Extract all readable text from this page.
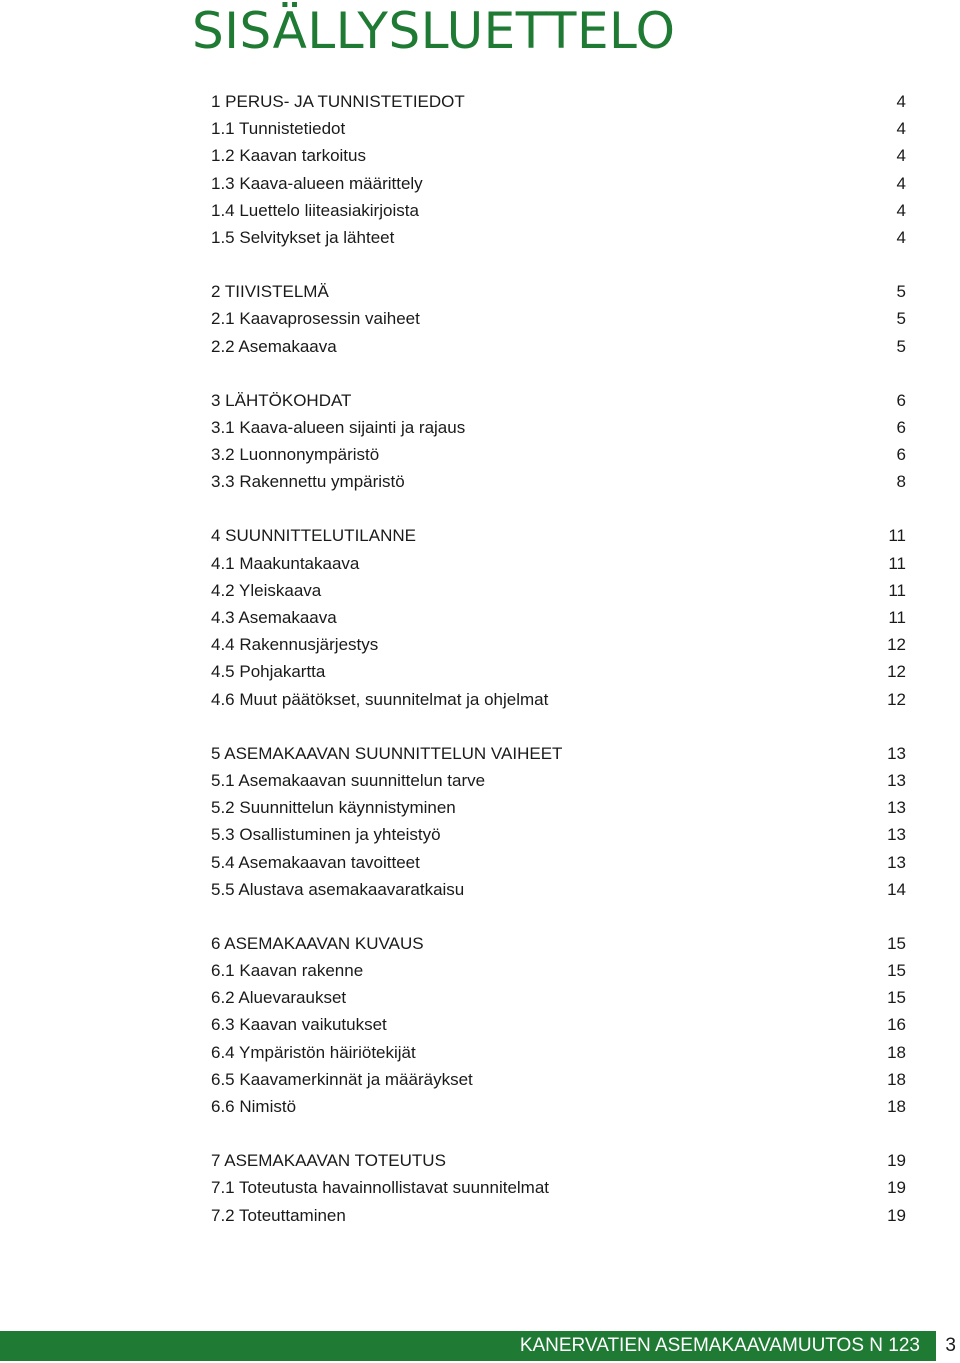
SISÄLLYSLUETTELO
1 PERUS- JA TUNNISTETIEDOT	4
1.1 Tunnistetiedot	4
1.2 Kaavan tarkoitus	4
1.3 Kaava-alueen määrittely	4
1.4 Luettelo liiteasiakirjoista	4
1.5 Selvitykset ja lähteet	4
2 TIIVISTELMÄ	5
2.1 Kaavaprosessin vaiheet	5
2.2 Asemakaava	5
3 LÄHTÖKOHDAT	6
3.1 Kaava-alueen sijainti ja rajaus	6
3.2 Luonnonympäristö	6
3.3 Rakennettu ympäristö	8
4 SUUNNITTELUTILANNE	11
4.1 Maakuntakaava	11
4.2 Yleiskaava	11
4.3 Asemakaava	11
4.4 Rakennusjärjestys	12
4.5 Pohjakartta	12
4.6 Muut päätökset, suunnitelmat ja ohjelmat	12
5 ASEMAKAAVAN SUUNNITTELUN VAIHEET	13
5.1 Asemakaavan suunnittelun tarve	13
5.2 Suunnittelun käynnistyminen	13
5.3 Osallistuminen ja yhteistyö	13
5.4 Asemakaavan tavoitteet	13
5.5 Alustava asemakaavaratkaisu	14
6 ASEMAKAAVAN KUVAUS	15
6.1 Kaavan rakenne	15
6.2 Aluevaraukset	15
6.3 Kaavan vaikutukset	16
6.4 Ympäristön häiriötekijät	18
6.5 Kaavamerkinnät ja määräykset	18
6.6 Nimistö	18
7 ASEMAKAAVAN TOTEUTUS	19
7.1 Toteutusta havainnollistavat suunnitelmat	19
7.2 Toteuttaminen	19
KANERVATIEN ASEMAKAAVAMUUTOS N 123 3
